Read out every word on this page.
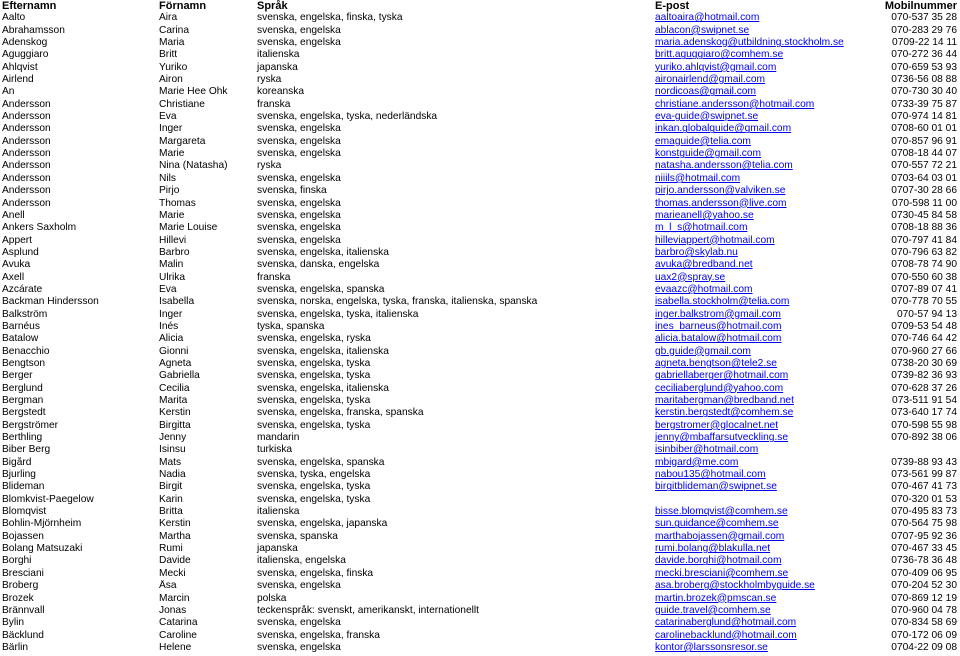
Efternamn	Förnamn	Språk	E-post	Mobilnummer
Aalto	Aira	svenska, engelska, finska, tyska	aaltoaira@hotmail.com	070-537 35 28
Abrahamsson	Carina	svenska, engelska	ablacon@swipnet.se	070-283 29 76
Adenskog	Maria	svenska, engelska	maria.adenskog@utbildning.stockholm.se	0709-22 14 11
Aguggiaro	Britt	italienska	britt.aguggiaro@comhem.se	070-272 36 44
Ahlqvist	Yuriko	japanska	yuriko.ahlqvist@gmail.com	070-659 53 93
Airlend	Airon	ryska	aironairlend@gmail.com	0736-56 08 88
An	Marie Hee Ohk	koreanska	nordicoas@gmail.com	070-730 30 40
Andersson	Christiane	franska	christiane.andersson@hotmail.com	0733-39 75 87
Andersson	Eva	svenska, engelska, tyska, nederländska	eva-guide@swipnet.se	070-974 14 81
Andersson	Inger	svenska, engelska	inkan.globalguide@gmail.com	0708-60 01 01
Andersson	Margareta	svenska, engelska	emaguide@telia.com	070-857 96 91
Andersson	Marie	svenska, engelska	konstguide@gmail.com	0708-18 44 07
Andersson	Nina (Natasha)	ryska	natasha.andersson@telia.com	070-557 72 21
Andersson	Nils	svenska, engelska	niiils@hotmail.com	0703-64 03 01
Andersson	Pirjo	svenska, finska	pirjo.andersson@valviken.se	0707-30 28 66
Andersson	Thomas	svenska, engelska	thomas.andersson@live.com	070-598 11 00
Anell	Marie	svenska, engelska	marieanell@yahoo.se	0730-45 84 58
Ankers Saxholm	Marie Louise	svenska, engelska	m_l_s@hotmail.com	0708-18 88 36
Appert	Hillevi	svenska, engelska	hilleviappert@hotmail.com	070-797 41 84
Asplund	Barbro	svenska, engelska, italienska	barbro@skylab.nu	070-796 63 82
Avuka	Malin	svenska, danska, engelska	avuka@bredband.net	0708-78 74 90
Axell	Ulrika	franska	uax2@spray.se	070-550 60 38
Azcárate	Eva	svenska, engelska, spanska	evaazc@hotmail.com	0707-89 07 41
Backman Hindersson	Isabella	svenska, norska, engelska, tyska, franska, italienska, spanska	isabella.stockholm@telia.com	070-778 70 55
Balkström	Inger	svenska, engelska, tyska, italienska	inger.balkstrom@gmail.com	070-57 94 13
Barnéus	Inés	tyska, spanska	ines_barneus@hotmail.com	0709-53 54 48
Batalow	Alicia	svenska, engelska, ryska	alicia.batalow@hotmail.com	070-746 64 42
Benacchio	Gionni	svenska, engelska, italienska	gb.guide@gmail.com	070-960 27 66
Bengtson	Agneta	svenska, engelska, tyska	agneta.bengtson@tele2.se	0738-20 30 69
Berger	Gabriella	svenska, engelska, tyska	gabriellaberger@hotmail.com	0739-82 36 93
Berglund	Cecilia	svenska, engelska, italienska	ceciliaberglund@yahoo.com	070-628 37 26
Bergman	Marita	svenska, engelska, tyska	maritabergman@bredband.net	073-511 91 54
Bergstedt	Kerstin	svenska, engelska, franska, spanska	kerstin.bergstedt@comhem.se	073-640 17 74
Bergströmer	Birgitta	svenska, engelska, tyska	bergstromer@glocalnet.net	070-598 55 98
Berthling	Jenny	mandarin	jenny@mbaffarsutveckling.se	070-892 38 06
Biber Berg	Isinsu	turkiska	isinbiber@hotmail.com	
Bigård	Mats	svenska, engelska, spanska	mbigard@me.com	0739-88 93 43
Bjurling	Nadia	svenska, tyska, engelska	nabou135@hotmail.com	073-561 99 87
Blideman	Birgit	svenska, engelska, tyska	birgitblideman@swipnet.se	070-467 41 73
Blomkvist-Paegelow	Karin	svenska, engelska, tyska		070-320 01 53
Blomqvist	Britta	italienska	bisse.blomqvist@comhem.se	070-495 83 73
Bohlin-Mjörnheim	Kerstin	svenska, engelska, japanska	sun.guidance@comhem.se	070-564 75 98
Bojassen	Martha	svenska, spanska	marthabojassen@gmail.com	0707-95 92 36
Bolang Matsuzaki	Rumi	japanska	rumi.bolang@blakulla.net	070-467 33 45
Borghi	Davide	italienska, engelska	davide.borghi@hotmail.com	0736-78 36 48
Bresciani	Mecki	svenska, engelska, finska	mecki.bresciani@comhem.se	070-409 06 95
Broberg	Åsa	svenska, engelska	asa.broberg@stockholmbyguide.se	070-204 52 30
Brozek	Marcin	polska	martin.brozek@pmscan.se	070-869 12 19
Brännvall	Jonas	teckenspråk: svenskt, amerikanskt, internationellt	guide.travel@comhem.se	070-960 04 78
Bylin	Catarina	svenska, engelska	catarinaberglund@hotmail.com	070-834 58 69
Bäcklund	Caroline	svenska, engelska, franska	carolinebacklund@hotmail.com	070-172 06 09
Bärlin	Helene	svenska, engelska	kontor@larssonsresor.se	0704-22 09 08
